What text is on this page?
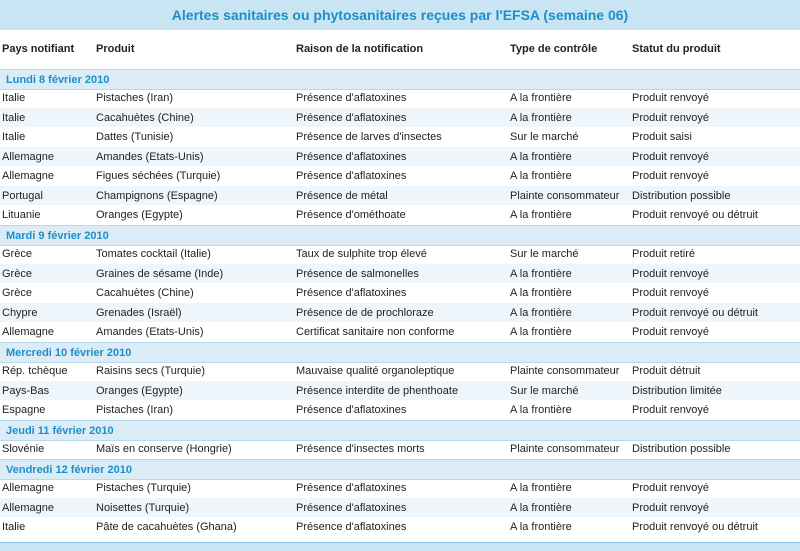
Alertes sanitaires ou phytosanitaires reçues par l'EFSA (semaine 06)
Pays notifiant	Produit	Raison de la notification	Type de contrôle	Statut du produit
Lundi 8 février 2010
Italie	Pistaches (Iran)	Présence d'aflatoxines	A la frontière	Produit renvoyé
Italie	Cacahuètes (Chine)	Présence d'aflatoxines	A la frontière	Produit renvoyé
Italie	Dattes (Tunisie)	Présence de larves d'insectes	Sur le marché	Produit saisi
Allemagne	Amandes (Etats-Unis)	Présence d'aflatoxines	A la frontière	Produit renvoyé
Allemagne	Figues séchées (Turquie)	Présence d'aflatoxines	A la frontière	Produit renvoyé
Portugal	Champignons (Espagne)	Présence de métal	Plainte consommateur	Distribution possible
Lituanie	Oranges (Egypte)	Présence d'ométhoate	A la frontière	Produit renvoyé ou détruit
Mardi 9 février 2010
Grèce	Tomates cocktail (Italie)	Taux de sulphite trop élevé	Sur le marché	Produit retiré
Grèce	Graines de sésame (Inde)	Présence de salmonelles	A la frontière	Produit renvoyé
Grèce	Cacahuètes (Chine)	Présence d'aflatoxines	A la frontière	Produit renvoyé
Chypre	Grenades (Israël)	Présence de de prochloraze	A la frontière	Produit renvoyé ou détruit
Allemagne	Amandes (Etats-Unis)	Certificat sanitaire non conforme	A la frontière	Produit renvoyé
Mercredi 10 février 2010
Rép. tchèque	Raisins secs (Turquie)	Mauvaise qualité organoleptique	Plainte consommateur	Produit détruit
Pays-Bas	Oranges (Egypte)	Présence interdite de phenthoate	Sur le marché	Distribution limitée
Espagne	Pistaches (Iran)	Présence d'aflatoxines	A la frontière	Produit renvoyé
Jeudi 11 février 2010
Slovénie	Maïs en conserve (Hongrie)	Présence d'insectes morts	Plainte consommateur	Distribution possible
Vendredi 12 février 2010
Allemagne	Pistaches (Turquie)	Présence d'aflatoxines	A la frontière	Produit renvoyé
Allemagne	Noisettes (Turquie)	Présence d'aflatoxines	A la frontière	Produit renvoyé
Italie	Pâte de cacahuètes (Ghana)	Présence d'aflatoxines	A la frontière	Produit renvoyé ou détruit
